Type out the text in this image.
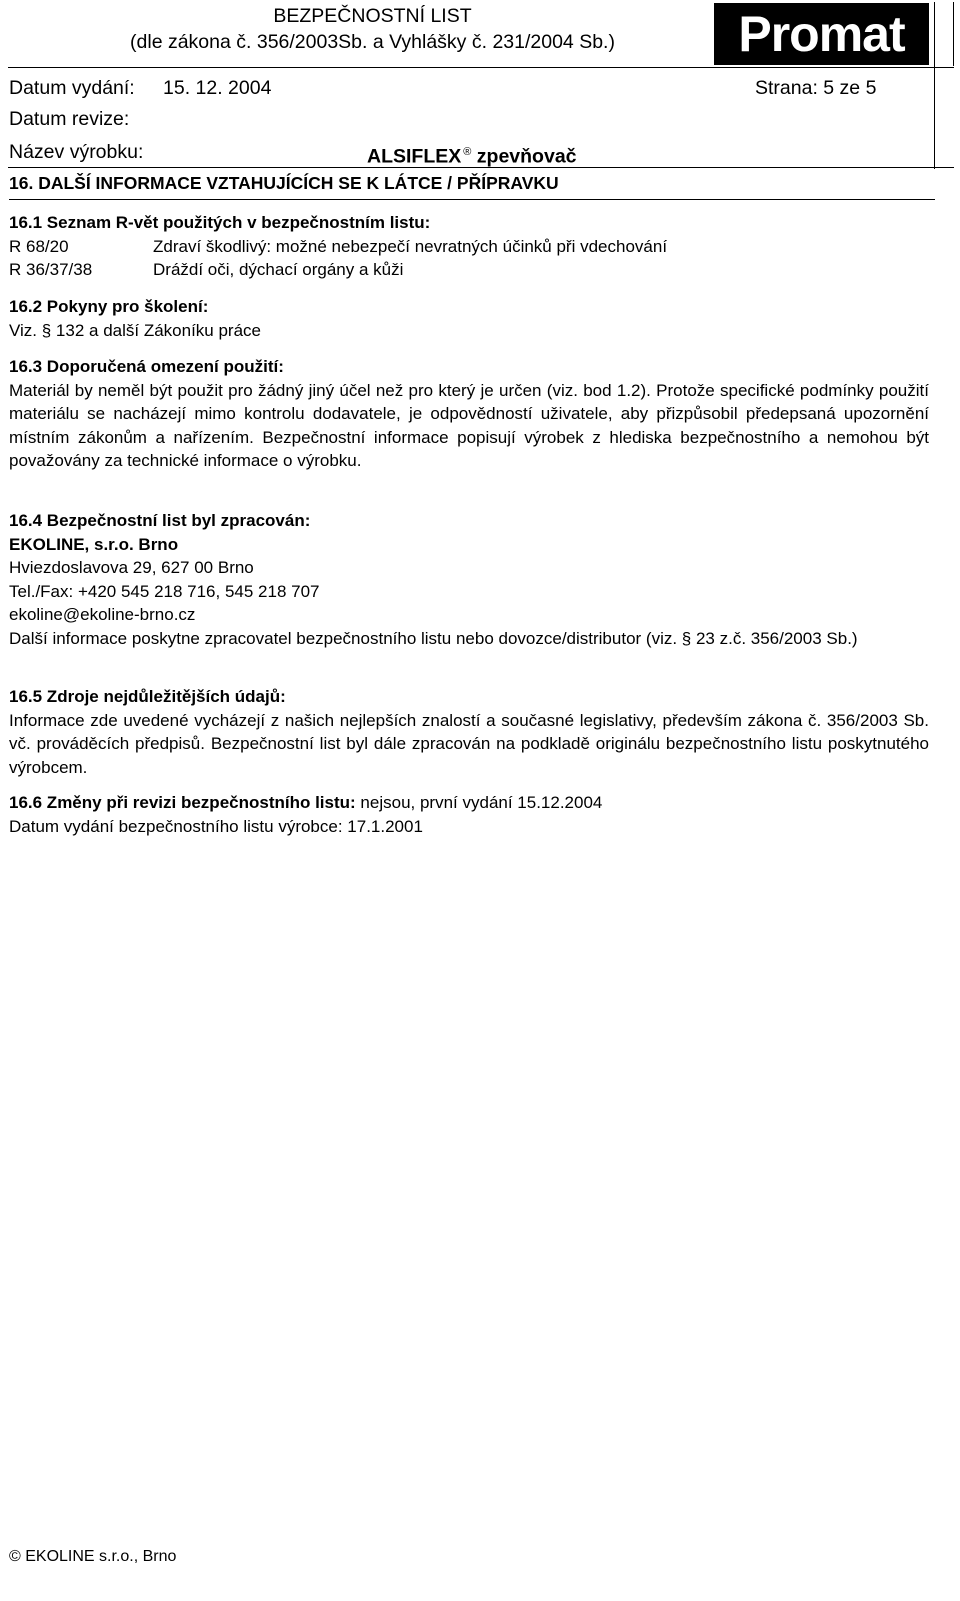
BEZPEČNOSTNÍ LIST
(dle zákona č. 356/2003Sb. a Vyhlášky č. 231/2004 Sb.)	Promat
Datum vydání: 15. 12. 2004	Strana: 5 ze 5
Datum revize:
Název výrobku:	ALSIFLEX ® zpevňovač
16. DALŠÍ INFORMACE VZTAHUJÍCÍCH SE K LÁTCE / PŘÍPRAVKU

16.1 Seznam R-vět použitých v bezpečnostním listu:

R 68/20	Zdraví škodlivý: možné nebezpečí nevratných účinků při vdechování
R 36/37/38	Dráždí oči, dýchací orgány a kůži

16.2 Pokyny pro školení:

Viz. § 132 a další Zákoníku práce

16.3 Doporučená omezení použití:

Materiál by neměl být použit pro žádný jiný účel než pro který je určen (viz. bod 1.2). Protože specifické podmínky použití materiálu se nacházejí mimo kontrolu dodavatele, je odpovědností uživatele, aby přizpůsobil předepsaná upozornění místním zákonům a nařízením. Bezpečnostní informace popisují výrobek z hlediska bezpečnostního a nemohou být považovány za technické informace o výrobku.

16.4 Bezpečnostní list byl zpracován:

EKOLINE, s.r.o. Brno

Hviezdoslavova 29, 627 00 Brno

Tel./Fax: +420 545 218 716, 545 218 707

ekoline@ekoline-brno.cz

Další informace poskytne zpracovatel bezpečnostního listu nebo dovozce/distributor (viz. § 23 z.č. 356/2003 Sb.)

16.5 Zdroje nejdůležitějších údajů:

Informace zde uvedené vycházejí z našich nejlepších znalostí a současné legislativy, především zákona č. 356/2003 Sb. vč. prováděcích předpisů. Bezpečnostní list byl dále zpracován na podkladě originálu bezpečnostního listu poskytnutého výrobcem.

16.6 Změny při revizi bezpečnostního listu: nejsou, první vydání 15.12.2004

Datum vydání bezpečnostního listu výrobce: 17.1.2001

© EKOLINE s.r.o., Brno
